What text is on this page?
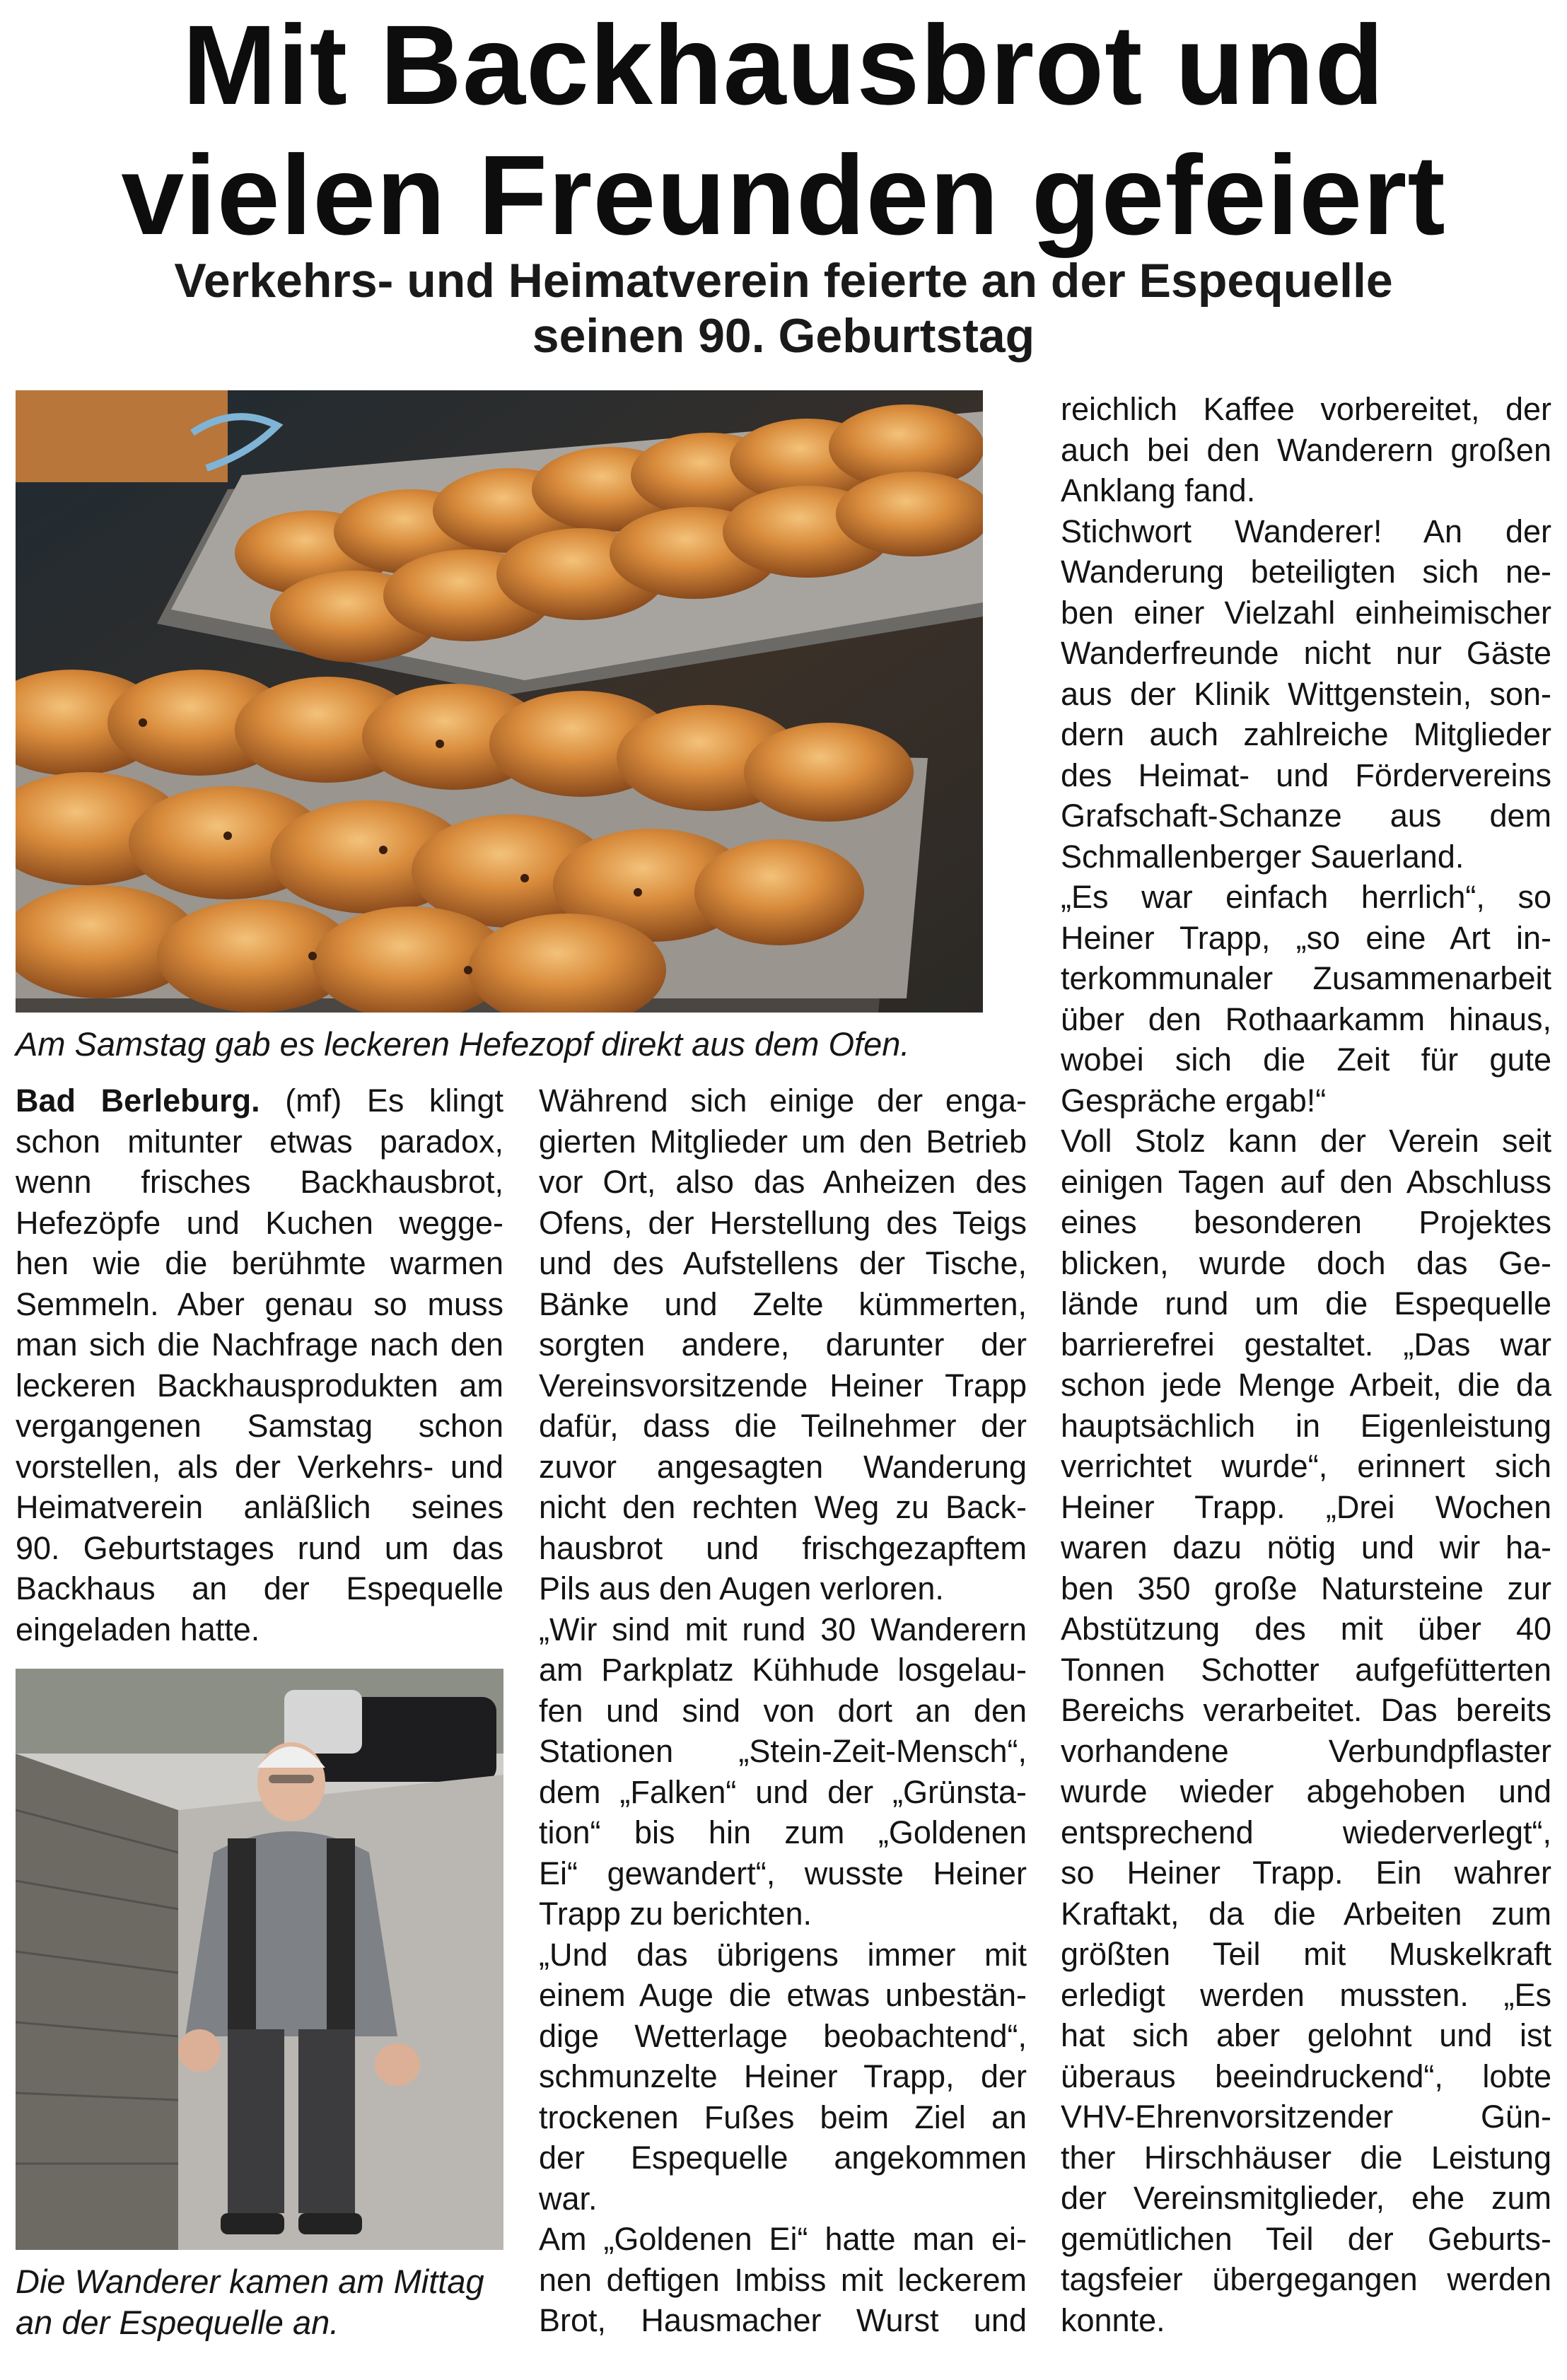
Mit Backhausbrot und
vielen Freunden gefeiert
Verkehrs- und Heimatverein feierte an der Espequelle
seinen 90. Geburtstag

Am Samstag gab es leckeren Hefezopf direkt aus dem Ofen.

Bad Berleburg. (mf) Es klingt
schon mitunter etwas paradox,
wenn frisches Backhausbrot,
Hefezöpfe und Kuchen wegge-
hen wie die berühmte warmen
Semmeln. Aber genau so muss
man sich die Nachfrage nach den
leckeren Backhausprodukten am
vergangenen Samstag schon
vorstellen, als der Verkehrs- und
Heimatverein anläßlich seines
90. Geburtstages rund um das
Backhaus an der Espequelle
eingeladen hatte.

Die Wanderer kamen am Mittag
an der Espequelle an.

Während sich einige der enga-
gierten Mitglieder um den Betrieb
vor Ort, also das Anheizen des
Ofens, der Herstellung des Teigs
und des Aufstellens der Tische,
Bänke und Zelte kümmerten,
sorgten andere, darunter der
Vereinsvorsitzende Heiner Trapp
dafür, dass die Teilnehmer der
zuvor angesagten Wanderung
nicht den rechten Weg zu Back-
hausbrot und frischgezapftem
Pils aus den Augen verloren.
„Wir sind mit rund 30 Wanderern
am Parkplatz Kühhude losgelau-
fen und sind von dort an den
Stationen „Stein-Zeit-Mensch“,
dem „Falken“ und der „Grünsta-
tion“ bis hin zum „Goldenen
Ei“ gewandert“, wusste Heiner
Trapp zu berichten.
„Und das übrigens immer mit
einem Auge die etwas unbestän-
dige Wetterlage beobachtend“,
schmunzelte Heiner Trapp, der
trockenen Fußes beim Ziel an
der Espequelle angekommen
war.
Am „Goldenen Ei“ hatte man ei-
nen deftigen Imbiss mit leckerem
Brot, Hausmacher Wurst und
reichlich Kaffee vorbereitet, der
auch bei den Wanderern großen
Anklang fand.
Stichwort Wanderer! An der
Wanderung beteiligten sich ne-
ben einer Vielzahl einheimischer
Wanderfreunde nicht nur Gäste
aus der Klinik Wittgenstein, son-
dern auch zahlreiche Mitglieder
des Heimat- und Fördervereins
Grafschaft-Schanze aus dem
Schmallenberger Sauerland.
„Es war einfach herrlich“, so
Heiner Trapp, „so eine Art in-
terkommunaler Zusammenarbeit
über den Rothaarkamm hinaus,
wobei sich die Zeit für gute
Gespräche ergab!“
Voll Stolz kann der Verein seit
einigen Tagen auf den Abschluss
eines besonderen Projektes
blicken, wurde doch das Ge-
lände rund um die Espequelle
barrierefrei gestaltet. „Das war
schon jede Menge Arbeit, die da
hauptsächlich in Eigenleistung
verrichtet wurde“, erinnert sich
Heiner Trapp. „Drei Wochen
waren dazu nötig und wir ha-
ben 350 große Natursteine zur
Abstützung des mit über 40
Tonnen Schotter aufgefütterten
Bereichs verarbeitet. Das bereits
vorhandene Verbundpflaster
wurde wieder abgehoben und
entsprechend wiederverlegt“,
so Heiner Trapp. Ein wahrer
Kraftakt, da die Arbeiten zum
größten Teil mit Muskelkraft
erledigt werden mussten. „Es
hat sich aber gelohnt und ist
überaus beeindruckend“, lobte
VHV-Ehrenvorsitzender Gün-
ther Hirschhäuser die Leistung
der Vereinsmitglieder, ehe zum
gemütlichen Teil der Geburts-
tagsfeier übergegangen werden
konnte.
